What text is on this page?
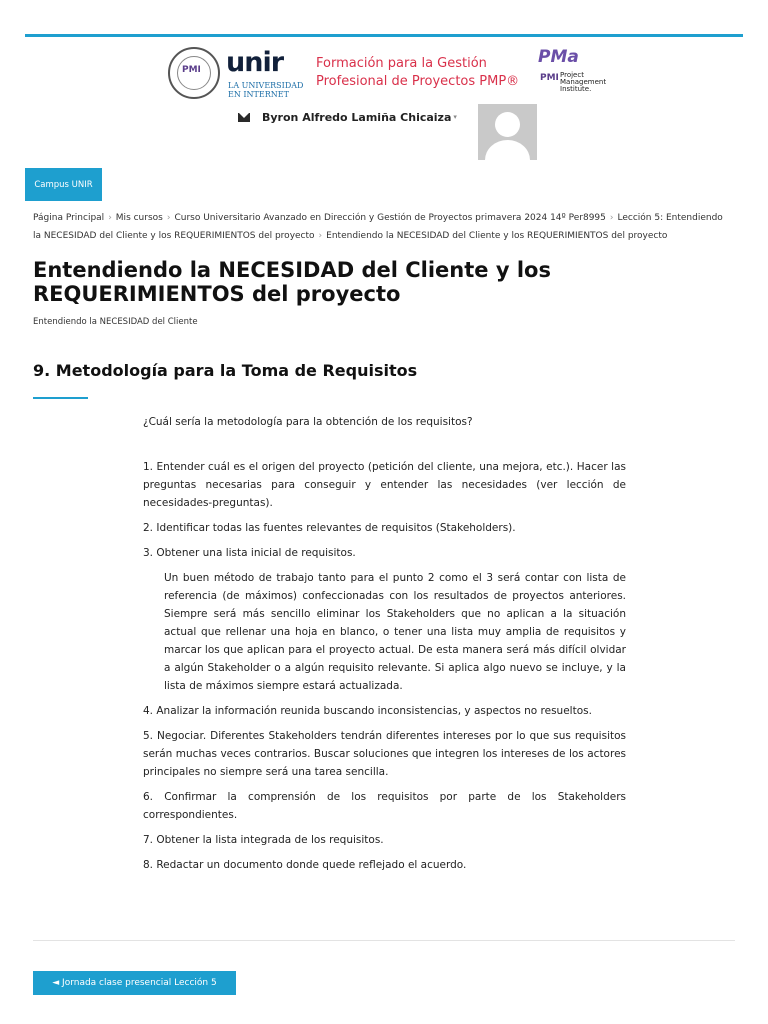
PMI unir
LA UNIVERSIDAD
EN INTERNET
Formación para la Gestión
Profesional de Proyectos PMP®
PMa
PMI Project
Management
Institute.
Byron Alfredo Lamiña Chicaiza ▾
Campus UNIR
Página Principal › Mis cursos › Curso Universitario Avanzado en Dirección y Gestión de Proyectos primavera 2024 14º Per8995 › Lección 5: Entendiendo la NECESIDAD del Cliente y los REQUERIMIENTOS del proyecto › Entendiendo la NECESIDAD del Cliente y los REQUERIMIENTOS del proyecto
Entendiendo la NECESIDAD del Cliente y los REQUERIMIENTOS del proyecto
Entendiendo la NECESIDAD del Cliente
9. Metodología para la Toma de Requisitos

¿Cuál sería la metodología para la obtención de los requisitos?

1. Entender cuál es el origen del proyecto (petición del cliente, una mejora, etc.). Hacer las preguntas necesarias para conseguir y entender las necesidades (ver lección de necesidades-preguntas).

2. Identificar todas las fuentes relevantes de requisitos (Stakeholders).

3. Obtener una lista inicial de requisitos.

Un buen método de trabajo tanto para el punto 2 como el 3 será contar con lista de referencia (de máximos) confeccionadas con los resultados de proyectos anteriores. Siempre será más sencillo eliminar los Stakeholders que no aplican a la situación actual que rellenar una hoja en blanco, o tener una lista muy amplia de requisitos y marcar los que aplican para el proyecto actual. De esta manera será más difícil olvidar a algún Stakeholder o a algún requisito relevante. Si aplica algo nuevo se incluye, y la lista de máximos siempre estará actualizada.

4. Analizar la información reunida buscando inconsistencias, y aspectos no resueltos.

5. Negociar. Diferentes Stakeholders tendrán diferentes intereses por lo que sus requisitos serán muchas veces contrarios. Buscar soluciones que integren los intereses de los actores principales no siempre será una tarea sencilla.

6. Confirmar la comprensión de los requisitos por parte de los Stakeholders correspondientes.

7. Obtener la lista integrada de los requisitos.

8. Redactar un documento donde quede reflejado el acuerdo.

◄ Jornada clase presencial Lección 5
